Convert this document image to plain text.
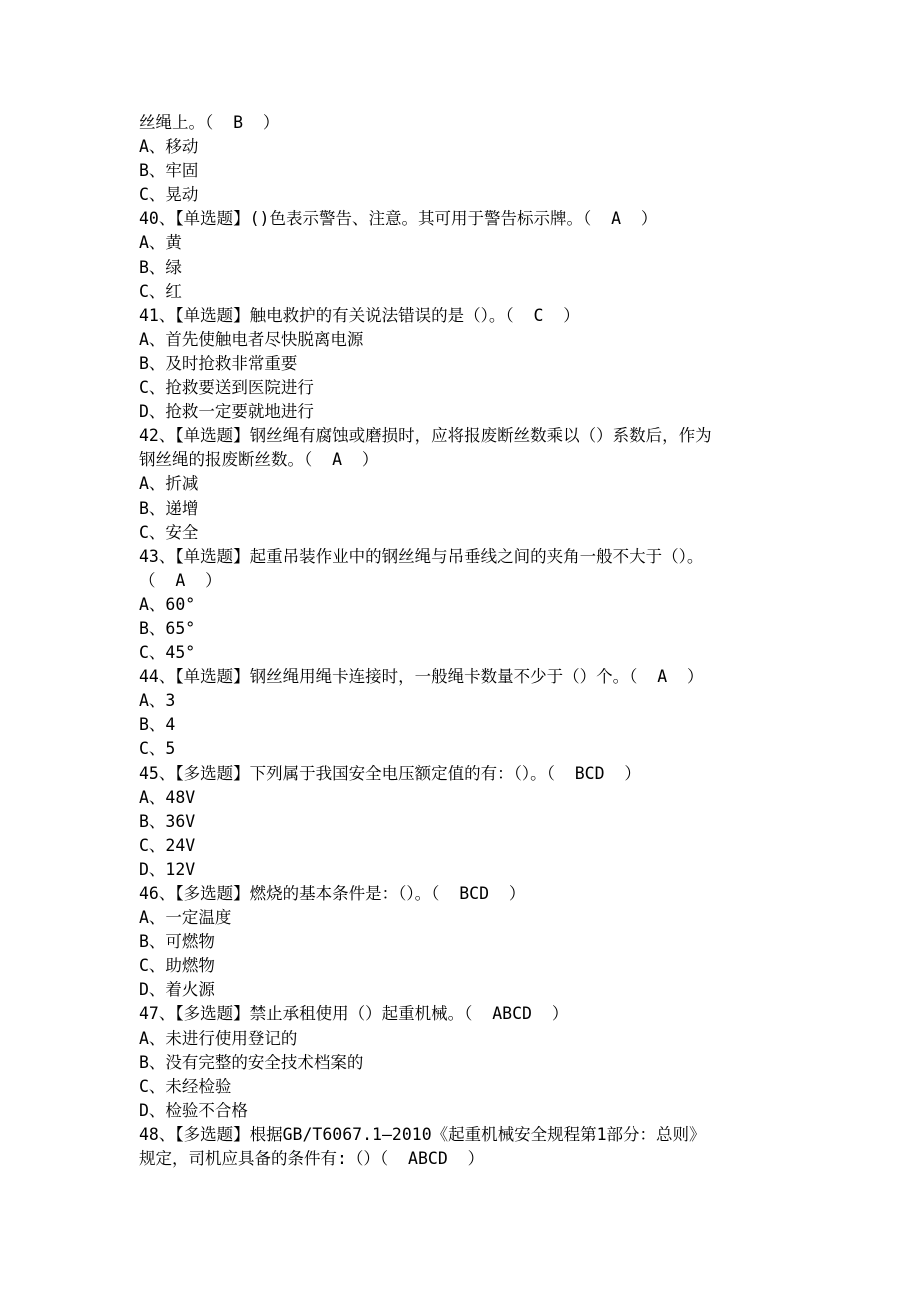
丝绳上。（  B  ）
A、移动
B、牢固
C、晃动
40、【单选题】()色表示警告、注意。其可用于警告标示牌。（  A  ）
A、黄
B、绿
C、红
41、【单选题】触电救护的有关说法错误的是（）。（  C  ）
A、首先使触电者尽快脱离电源
B、及时抢救非常重要
C、抢救要送到医院进行
D、抢救一定要就地进行
42、【单选题】钢丝绳有腐蚀或磨损时，应将报废断丝数乘以（）系数后，作为
钢丝绳的报废断丝数。（  A  ）
A、折减
B、递增
C、安全
43、【单选题】起重吊装作业中的钢丝绳与吊垂线之间的夹角一般不大于（）。
（  A  ）
A、60°
B、65°
C、45°
44、【单选题】钢丝绳用绳卡连接时，一般绳卡数量不少于（）个。（  A  ）
A、3
B、4
C、5
45、【多选题】下列属于我国安全电压额定值的有：（）。（  BCD  ）
A、48V
B、36V
C、24V
D、12V
46、【多选题】燃烧的基本条件是：（）。（  BCD  ）
A、一定温度
B、可燃物
C、助燃物
D、着火源
47、【多选题】禁止承租使用（）起重机械。（  ABCD  ）
A、未进行使用登记的
B、没有完整的安全技术档案的
C、未经检验
D、检验不合格
48、【多选题】根据GB/T6067.1—2010《起重机械安全规程第1部分：总则》
规定，司机应具备的条件有:（）（  ABCD  ）
